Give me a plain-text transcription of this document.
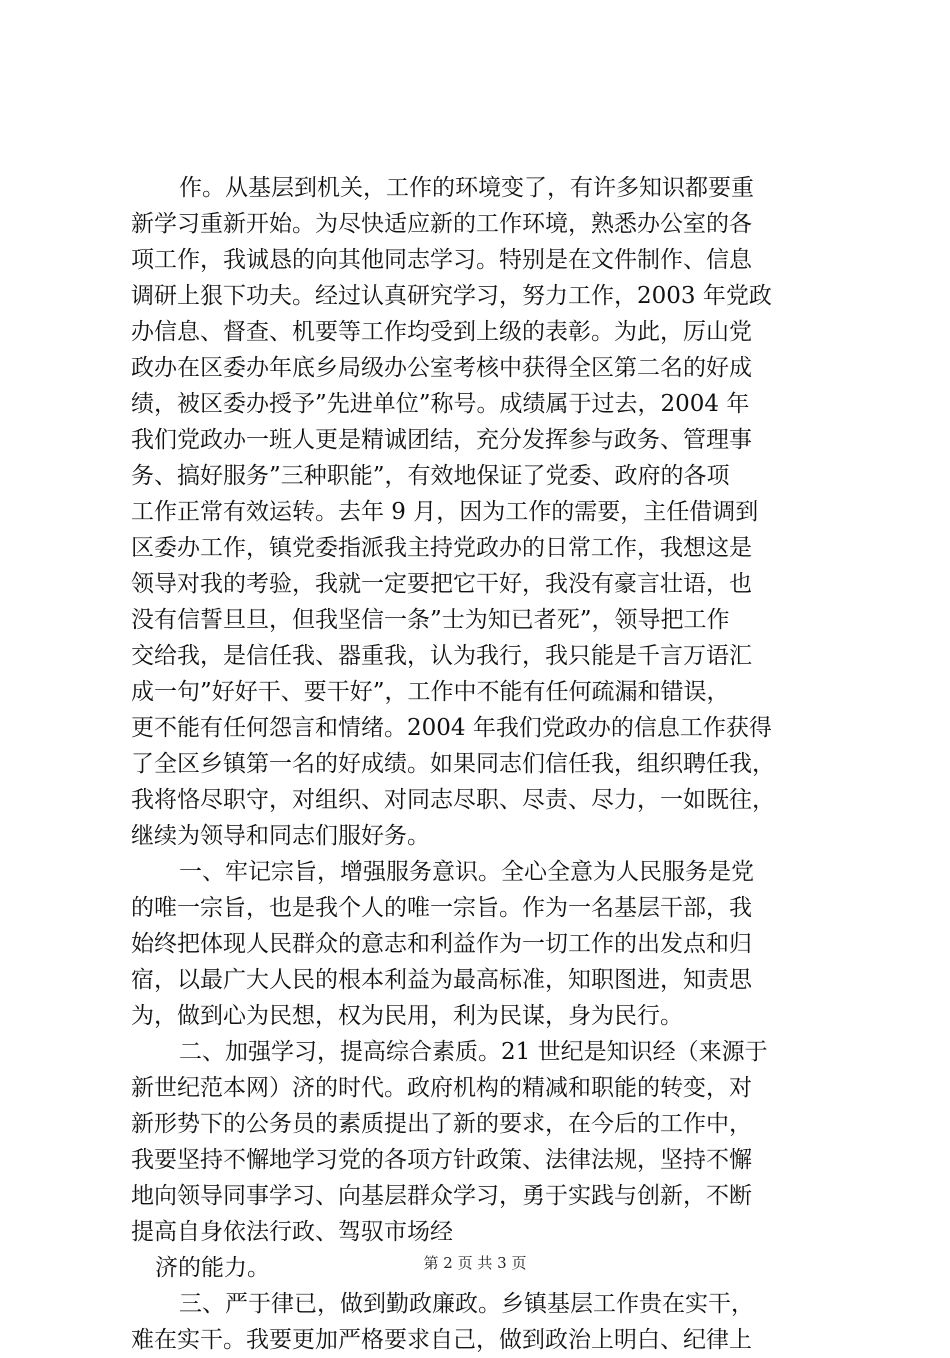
作。从基层到机关，工作的环境变了，有许多知识都要重
新学习重新开始。为尽快适应新的工作环境，熟悉办公室的各
项工作，我诚恳的向其他同志学习。特别是在文件制作、信息
调研上狠下功夫。经过认真研究学习，努力工作，2003 年党政
办信息、督查、机要等工作均受到上级的表彰。为此，厉山党
政办在区委办年底乡局级办公室考核中获得全区第二名的好成
绩，被区委办授予”先进单位”称号。成绩属于过去，2004 年
我们党政办一班人更是精诚团结，充分发挥参与政务、管理事
务、搞好服务”三种职能”，有效地保证了党委、政府的各项
工作正常有效运转。去年 9 月，因为工作的需要，主任借调到
区委办工作，镇党委指派我主持党政办的日常工作，我想这是
领导对我的考验，我就一定要把它干好，我没有豪言壮语，也
没有信誓旦旦，但我坚信一条”士为知已者死”，领导把工作
交给我，是信任我、器重我，认为我行，我只能是千言万语汇
成一句”好好干、要干好”，工作中不能有任何疏漏和错误，
更不能有任何怨言和情绪。2004 年我们党政办的信息工作获得
了全区乡镇第一名的好成绩。如果同志们信任我，组织聘任我，
我将恪尽职守，对组织、对同志尽职、尽责、尽力，一如既往，
继续为领导和同志们服好务。
一、牢记宗旨，增强服务意识。全心全意为人民服务是党
的唯一宗旨，也是我个人的唯一宗旨。作为一名基层干部，我
始终把体现人民群众的意志和利益作为一切工作的出发点和归
宿，以最广大人民的根本利益为最高标准，知职图进，知责思
为，做到心为民想，权为民用，利为民谋，身为民行。
二、加强学习，提高综合素质。21 世纪是知识经（来源于
新世纪范本网）济的时代。政府机构的精减和职能的转变，对
新形势下的公务员的素质提出了新的要求，在今后的工作中，
我要坚持不懈地学习党的各项方针政策、法律法规，坚持不懈
地向领导同事学习、向基层群众学习，勇于实践与创新，不断
提高自身依法行政、驾驭市场经
济的能力。
三、严于律已，做到勤政廉政。乡镇基层工作贵在实干，
难在实干。我要更加严格要求自己，做到政治上明白、纪律上
第 2 页 共 3 页
